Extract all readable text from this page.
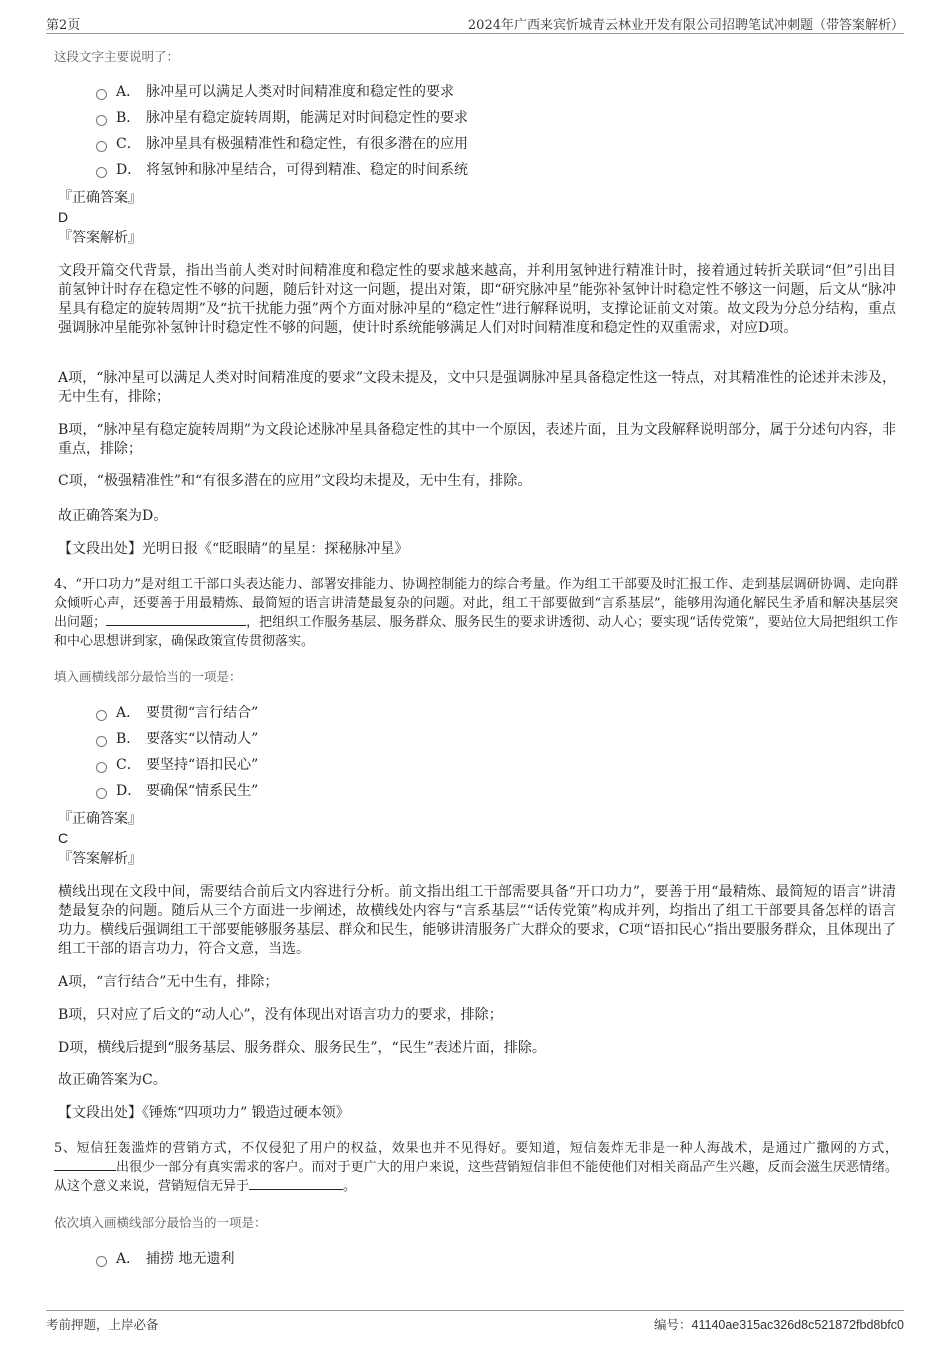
第2页	2024年广西来宾忻城青云林业开发有限公司招聘笔试冲刺题（带答案解析）
这段文字主要说明了：
A． 脉冲星可以满足人类对时间精准度和稳定性的要求
B． 脉冲星有稳定旋转周期，能满足对时间稳定性的要求
C． 脉冲星具有极强精准性和稳定性，有很多潜在的应用
D． 将氢钟和脉冲星结合，可得到精准、稳定的时间系统
『正确答案』
D
『答案解析』
文段开篇交代背景，指出当前人类对时间精准度和稳定性的要求越来越高，并利用氢钟进行精准计时，接着通过转折关联词“但”引出目前氢钟计时存在稳定性不够的问题，随后针对这一问题，提出对策，即“研究脉冲星”能弥补氢钟计时稳定性不够这一问题，后文从“脉冲星具有稳定的旋转周期”及“抗干扰能力强”两个方面对脉冲星的“稳定性”进行解释说明，支撑论证前文对策。故文段为分总分结构，重点强调脉冲星能弥补氢钟计时稳定性不够的问题，使计时系统能够满足人们对时间精准度和稳定性的双重需求，对应D项。
A项，“脉冲星可以满足人类对时间精准度的要求”文段未提及，文中只是强调脉冲星具备稳定性这一特点，对其精准性的论述并未涉及，无中生有，排除；
B项，“脉冲星有稳定旋转周期”为文段论述脉冲星具备稳定性的其中一个原因，表述片面，且为文段解释说明部分，属于分述句内容，非重点，排除；
C项，“极强精准性”和“有很多潜在的应用”文段均未提及，无中生有，排除。
故正确答案为D。
【文段出处】光明日报《“眨眼睛”的星星：探秘脉冲星》
4、“开口功力”是对组工干部口头表达能力、部署安排能力、协调控制能力的综合考量。作为组工干部要及时汇报工作、走到基层调研协调、走向群众倾听心声，还要善于用最精炼、最简短的语言讲清楚最复杂的问题。对此，组工干部要做到“言系基层”，能够用沟通化解民生矛盾和解决基层突出问题；	，把组织工作服务基层、服务群众、服务民生的要求讲透彻、动人心；要实现“话传党策”，要站位大局把组织工作和中心思想讲到家，确保政策宣传贯彻落实。
填入画横线部分最恰当的一项是：
A． 要贯彻“言行结合”
B． 要落实“以情动人”
C． 要坚持“语扣民心”
D． 要确保“情系民生”
『正确答案』
C
『答案解析』
横线出现在文段中间，需要结合前后文内容进行分析。前文指出组工干部需要具备“开口功力”，要善于用“最精炼、最简短的语言”讲清楚最复杂的问题。随后从三个方面进一步阐述，故横线处内容与“言系基层”“话传党策”构成并列，均指出了组工干部要具备怎样的语言功力。横线后强调组工干部要能够服务基层、群众和民生，能够讲清服务广大群众的要求，C项“语扣民心”指出要服务群众，且体现出了组工干部的语言功力，符合文意，当选。
A项，“言行结合”无中生有，排除；
B项，只对应了后文的“动人心”，没有体现出对语言功力的要求，排除；
D项，横线后提到“服务基层、服务群众、服务民生”，“民生”表述片面，排除。
故正确答案为C。
【文段出处】《锤炼“四项功力” 锻造过硬本领》
5、短信狂轰滥炸的营销方式，不仅侵犯了用户的权益，效果也并不见得好。要知道，短信轰炸无非是一种人海战术，是通过广撒网的方式，出很少一部分有真实需求的客户。而对于更广大的用户来说，这些营销短信非但不能使他们对相关商品产生兴趣，反而会滋生厌恶情绪。从这个意义来说，营销短信无异于	。
依次填入画横线部分最恰当的一项是：
A． 捕捞 地无遗利
考前押题，上岸必备	编号：41140ae315ac326d8c521872fbd8bfc0
